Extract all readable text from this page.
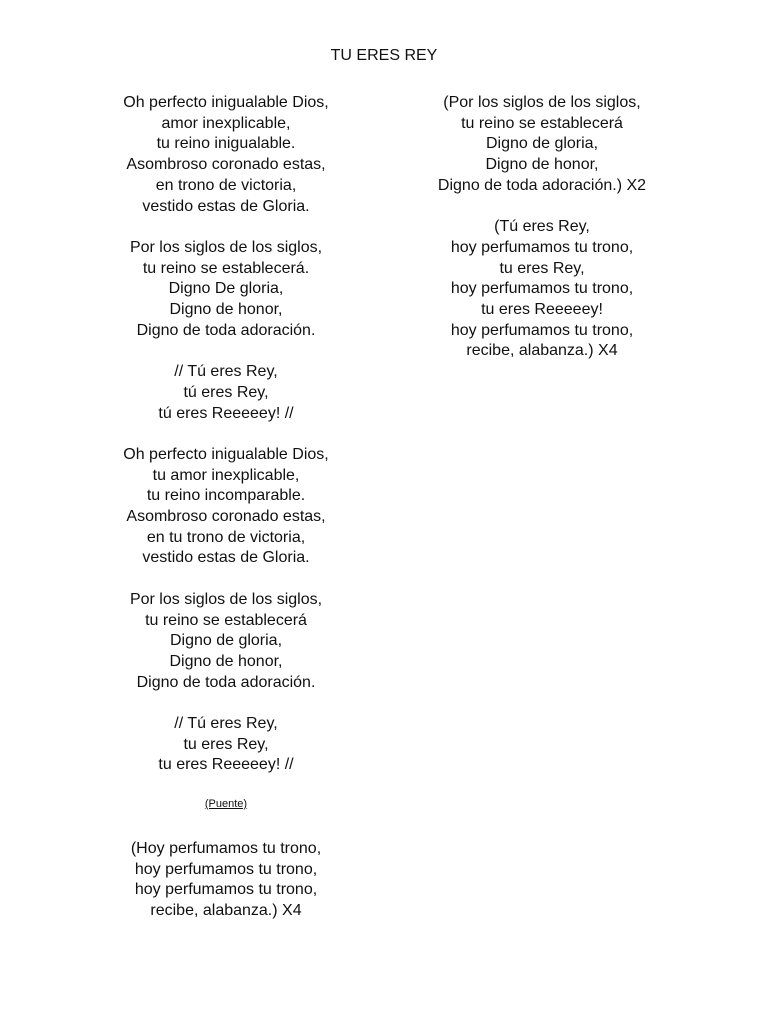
TU ERES REY
Oh perfecto inigualable Dios,
amor inexplicable,
tu reino inigualable.
Asombroso coronado estas,
en trono de victoria,
vestido estas de Gloria.
Por los siglos de los siglos,
tu reino se establecerá.
Digno De gloria,
Digno de honor,
Digno de toda adoración.
// Tú eres Rey,
tú eres Rey,
tú eres Reeeeey! //
Oh perfecto inigualable Dios,
tu amor inexplicable,
tu reino incomparable.
Asombroso coronado estas,
en tu trono de victoria,
vestido estas de Gloria.
Por los siglos de los siglos,
tu reino se establecerá
Digno de gloria,
Digno de honor,
Digno de toda adoración.
// Tú eres Rey,
tu eres Rey,
tu eres Reeeeey! //
(Puente)
(Hoy perfumamos tu trono,
hoy perfumamos tu trono,
hoy perfumamos tu trono,
recibe, alabanza.) X4
(Por los siglos de los siglos,
tu reino se establecerá
Digno de gloria,
Digno de honor,
Digno de toda adoración.) X2
(Tú eres Rey,
hoy perfumamos tu trono,
tu eres Rey,
hoy perfumamos tu trono,
tu eres Reeeeey!
hoy perfumamos tu trono,
recibe, alabanza.) X4
